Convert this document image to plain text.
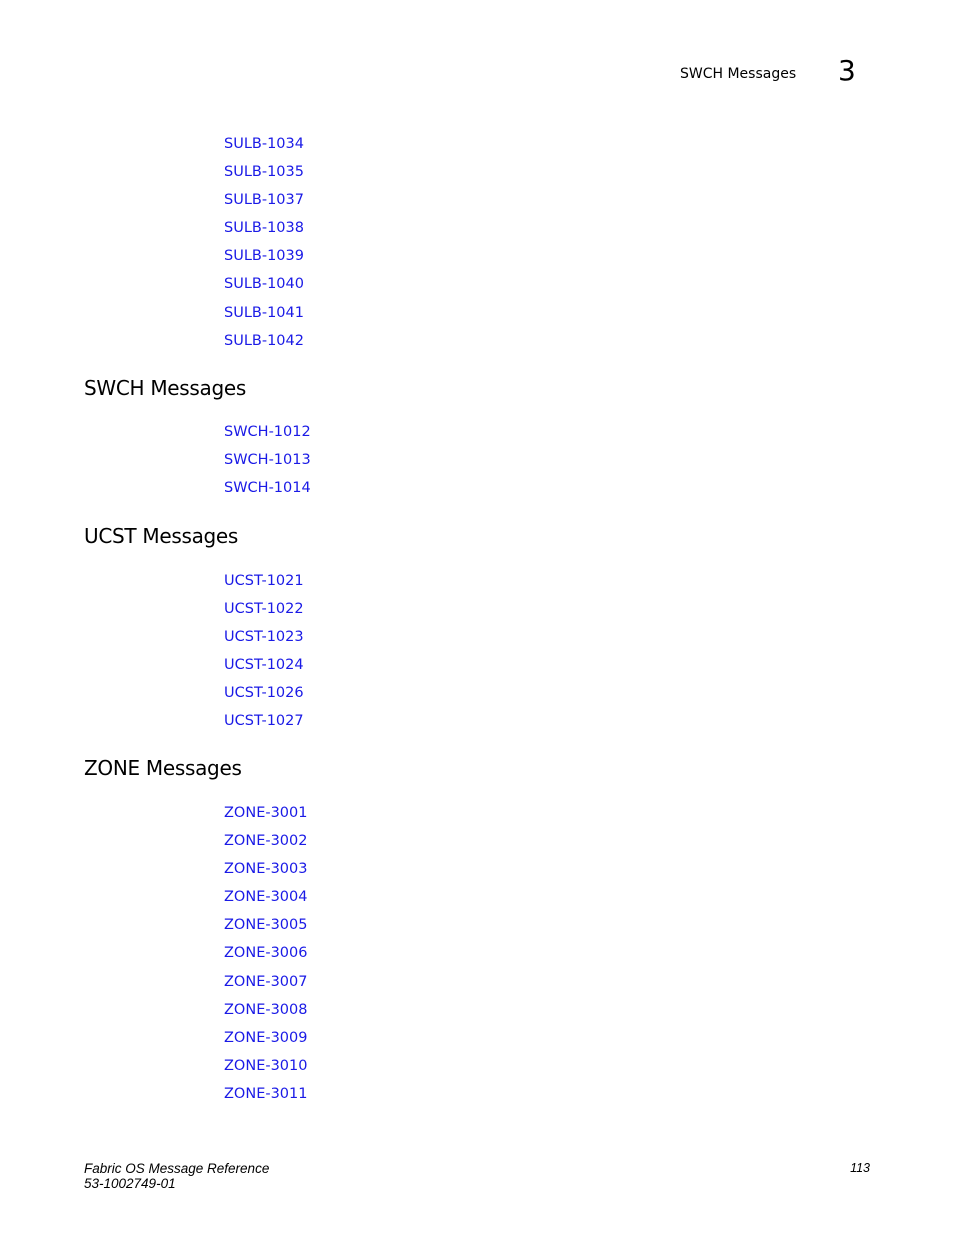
SWCH Messages 3
SULB-1034
SULB-1035
SULB-1037
SULB-1038
SULB-1039
SULB-1040
SULB-1041
SULB-1042
SWCH Messages
SWCH-1012
SWCH-1013
SWCH-1014
UCST Messages
UCST-1021
UCST-1022
UCST-1023
UCST-1024
UCST-1026
UCST-1027
ZONE Messages
ZONE-3001
ZONE-3002
ZONE-3003
ZONE-3004
ZONE-3005
ZONE-3006
ZONE-3007
ZONE-3008
ZONE-3009
ZONE-3010
ZONE-3011
Fabric OS Message Reference
53-1002749-01
113
